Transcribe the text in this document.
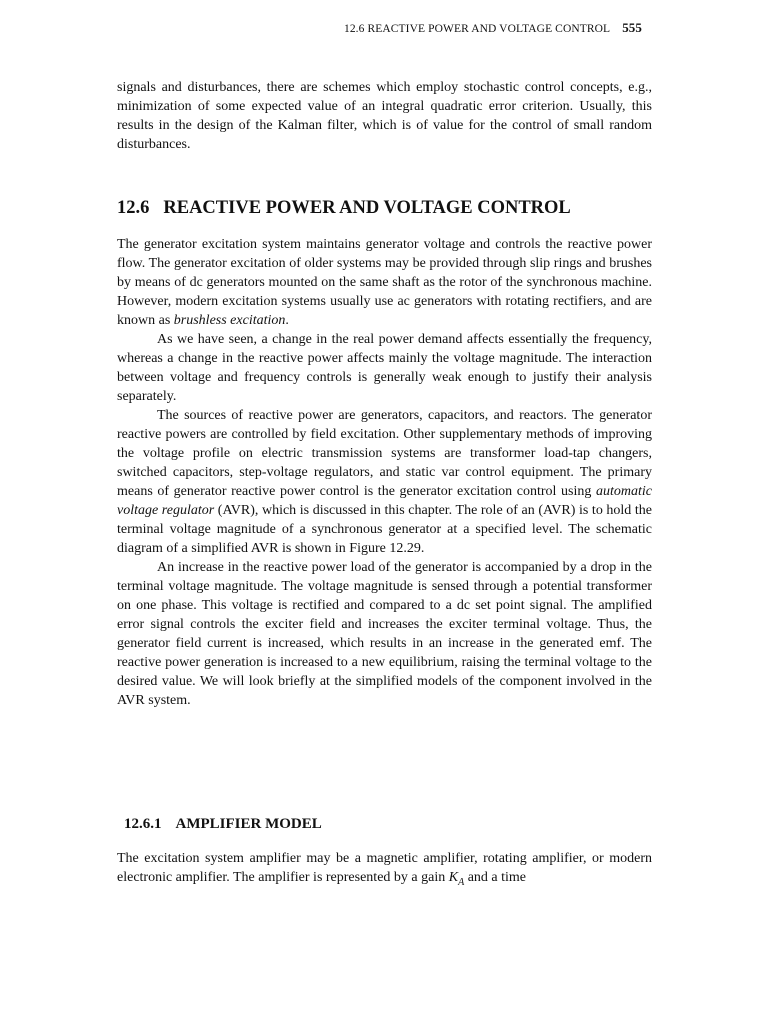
12.6 REACTIVE POWER AND VOLTAGE CONTROL 555

signals and disturbances, there are schemes which employ stochastic control concepts, e.g., minimization of some expected value of an integral quadratic error criterion. Usually, this results in the design of the Kalman filter, which is of value for the control of small random disturbances.

12.6 REACTIVE POWER AND VOLTAGE CONTROL

The generator excitation system maintains generator voltage and controls the reactive power flow. The generator excitation of older systems may be provided through slip rings and brushes by means of dc generators mounted on the same shaft as the rotor of the synchronous machine. However, modern excitation systems usually use ac generators with rotating rectifiers, and are known as brushless excitation.

As we have seen, a change in the real power demand affects essentially the frequency, whereas a change in the reactive power affects mainly the voltage magnitude. The interaction between voltage and frequency controls is generally weak enough to justify their analysis separately.

The sources of reactive power are generators, capacitors, and reactors. The generator reactive powers are controlled by field excitation. Other supplementary methods of improving the voltage profile on electric transmission systems are transformer load-tap changers, switched capacitors, step-voltage regulators, and static var control equipment. The primary means of generator reactive power control is the generator excitation control using automatic voltage regulator (AVR), which is discussed in this chapter. The role of an (AVR) is to hold the terminal voltage magnitude of a synchronous generator at a specified level. The schematic diagram of a simplified AVR is shown in Figure 12.29.

An increase in the reactive power load of the generator is accompanied by a drop in the terminal voltage magnitude. The voltage magnitude is sensed through a potential transformer on one phase. This voltage is rectified and compared to a dc set point signal. The amplified error signal controls the exciter field and increases the exciter terminal voltage. Thus, the generator field current is increased, which results in an increase in the generated emf. The reactive power generation is increased to a new equilibrium, raising the terminal voltage to the desired value. We will look briefly at the simplified models of the component involved in the AVR system.

12.6.1 AMPLIFIER MODEL

The excitation system amplifier may be a magnetic amplifier, rotating amplifier, or modern electronic amplifier. The amplifier is represented by a gain $K_A$ and a time
